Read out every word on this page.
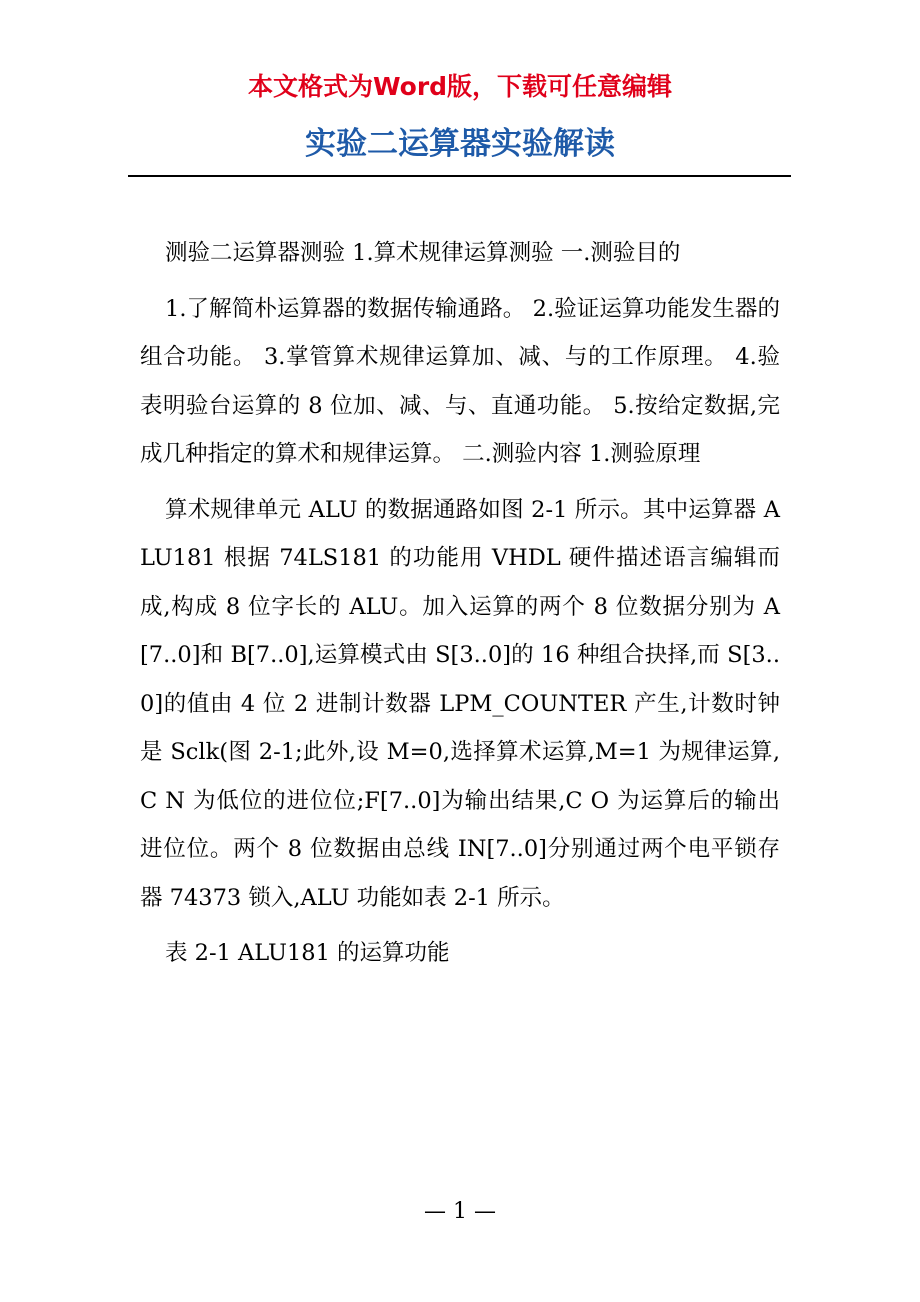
本文格式为Word版，下载可任意编辑
实验二运算器实验解读

测验二运算器测验 1.算术规律运算测验 一.测验目的

1.了解简朴运算器的数据传输通路。 2.验证运算功能发生器的组合功能。 3.掌管算术规律运算加、减、与的工作原理。 4.验表明验台运算的 8 位加、减、与、直通功能。 5.按给定数据,完成几种指定的算术和规律运算。 二.测验内容 1.测验原理

算术规律单元 ALU 的数据通路如图 2-1 所示。其中运算器 ALU181 根据 74LS181 的功能用 VHDL 硬件描述语言编辑而成,构成 8 位字长的 ALU。加入运算的两个 8 位数据分别为 A[7..0]和 B[7..0],运算模式由 S[3..0]的 16 种组合抉择,而 S[3..0]的值由 4 位 2 进制计数器 LPM_COUNTER 产生,计数时钟是 Sclk(图 2-1;此外,设 M=0,选择算术运算,M=1 为规律运算,C N 为低位的进位位;F[7..0]为输出结果,C O 为运算后的输出进位位。两个 8 位数据由总线 IN[7..0]分别通过两个电平锁存器 74373 锁入,ALU 功能如表 2-1 所示。

表 2-1 ALU181 的运算功能

— 1 —
